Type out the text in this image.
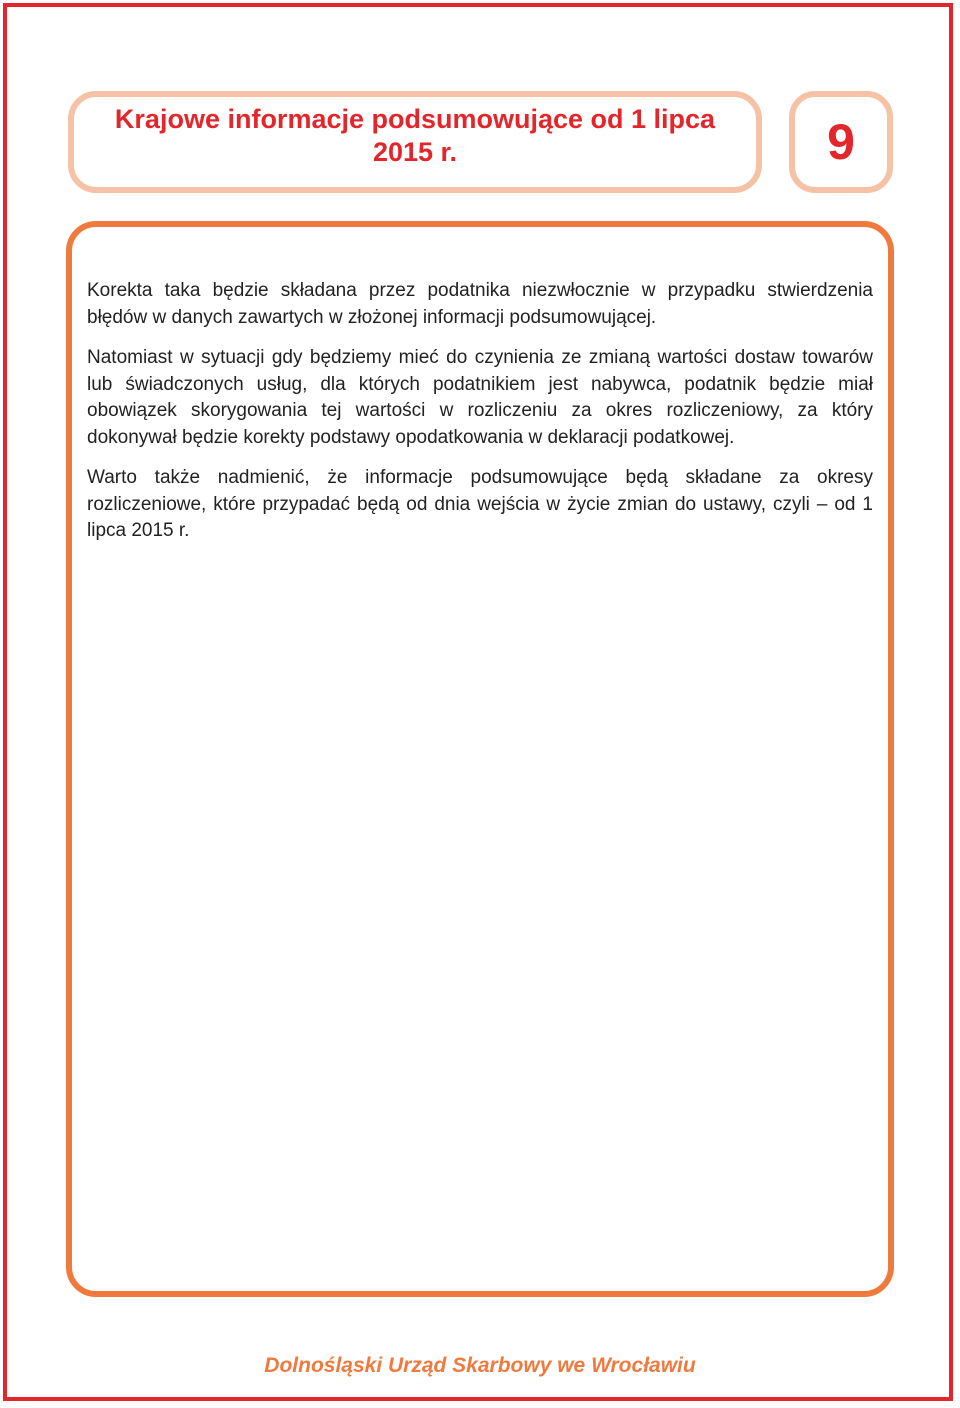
Krajowe informacje podsumowujące od 1 lipca
2015 r.	9

Korekta taka będzie składana przez podatnika niezwłocznie w przypadku stwierdzenia błędów w danych zawartych w złożonej informacji podsumowującej.

Natomiast w sytuacji gdy będziemy mieć do czynienia ze zmianą wartości dostaw towarów lub świadczonych usług, dla których podatnikiem jest nabywca, podatnik będzie miał obowiązek skorygowania tej wartości w rozliczeniu za okres rozliczeniowy, za który dokonywał będzie korekty podstawy opodatkowania w deklaracji podatkowej.

Warto także nadmienić, że informacje podsumowujące będą składane za okresy rozliczeniowe, które przypadać będą od dnia wejścia w życie zmian do ustawy, czyli – od 1 lipca 2015 r.

Dolnośląski Urząd Skarbowy we Wrocławiu
